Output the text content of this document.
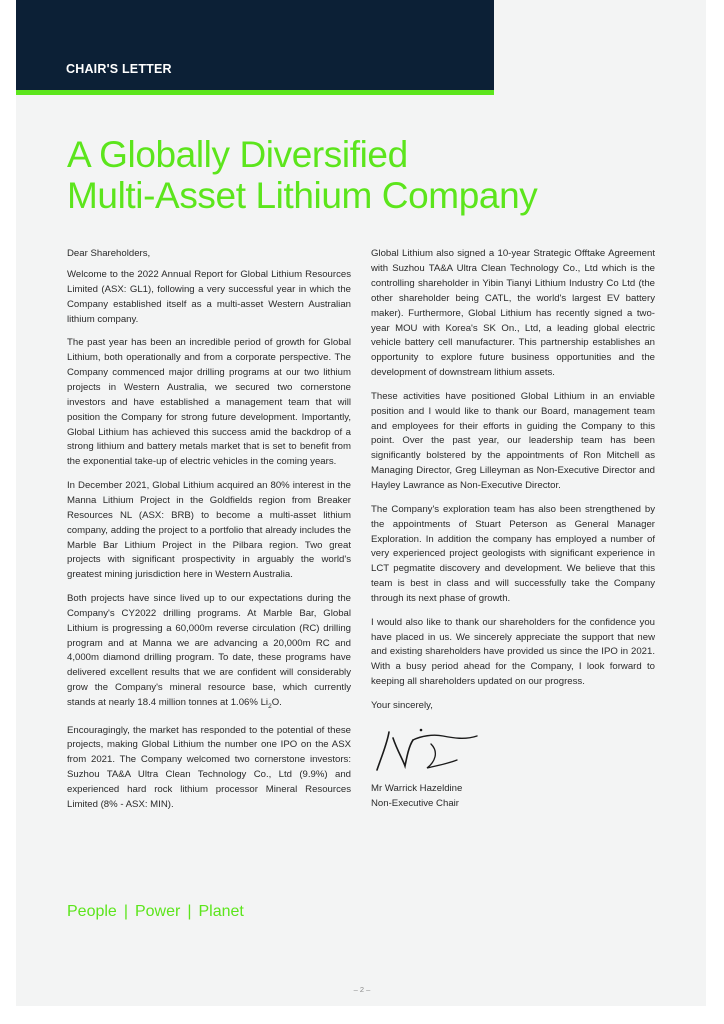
CHAIR'S LETTER
A Globally Diversified
Multi-Asset Lithium Company

Dear Shareholders,

Welcome to the 2022 Annual Report for Global Lithium Resources Limited (ASX: GL1), following a very successful year in which the Company established itself as a multi-asset Western Australian lithium company.

The past year has been an incredible period of growth for Global Lithium, both operationally and from a corporate perspective. The Company commenced major drilling programs at our two lithium projects in Western Australia, we secured two cornerstone investors and have established a management team that will position the Company for strong future development. Importantly, Global Lithium has achieved this success amid the backdrop of a strong lithium and battery metals market that is set to benefit from the exponential take-up of electric vehicles in the coming years.

In December 2021, Global Lithium acquired an 80% interest in the Manna Lithium Project in the Goldfields region from Breaker Resources NL (ASX: BRB) to become a multi-asset lithium company, adding the project to a portfolio that already includes the Marble Bar Lithium Project in the Pilbara region. Two great projects with significant prospectivity in arguably the world's greatest mining jurisdiction here in Western Australia.

Both projects have since lived up to our expectations during the Company's CY2022 drilling programs. At Marble Bar, Global Lithium is progressing a 60,000m reverse circulation (RC) drilling program and at Manna we are advancing a 20,000m RC and 4,000m diamond drilling program. To date, these programs have delivered excellent results that we are confident will considerably grow the Company's mineral resource base, which currently stands at nearly 18.4 million tonnes at 1.06% $Li_2O$.

Encouragingly, the market has responded to the potential of these projects, making Global Lithium the number one IPO on the ASX from 2021. The Company welcomed two cornerstone investors: Suzhou TA&A Ultra Clean Technology Co., Ltd (9.9%) and experienced hard rock lithium processor Mineral Resources Limited (8% - ASX: MIN).

Global Lithium also signed a 10-year Strategic Offtake Agreement with Suzhou TA&A Ultra Clean Technology Co., Ltd which is the controlling shareholder in Yibin Tianyi Lithium Industry Co Ltd (the other shareholder being CATL, the world's largest EV battery maker). Furthermore, Global Lithium has recently signed a two-year MOU with Korea's SK On., Ltd, a leading global electric vehicle battery cell manufacturer. This partnership establishes an opportunity to explore future business opportunities and the development of downstream lithium assets.

These activities have positioned Global Lithium in an enviable position and I would like to thank our Board, management team and employees for their efforts in guiding the Company to this point. Over the past year, our leadership team has been significantly bolstered by the appointments of Ron Mitchell as Managing Director, Greg Lilleyman as Non-Executive Director and Hayley Lawrance as Non-Executive Director.

The Company's exploration team has also been strengthened by the appointments of Stuart Peterson as General Manager Exploration. In addition the company has employed a number of very experienced project geologists with significant experience in LCT pegmatite discovery and development. We believe that this team is best in class and will successfully take the Company through its next phase of growth.

I would also like to thank our shareholders for the confidence you have placed in us. We sincerely appreciate the support that new and existing shareholders have provided us since the IPO in 2021. With a busy period ahead for the Company, I look forward to keeping all shareholders updated on our progress.

Your sincerely,

Mr Warrick Hazeldine
Non-Executive Chair

People | Power | Planet
– 2 –
